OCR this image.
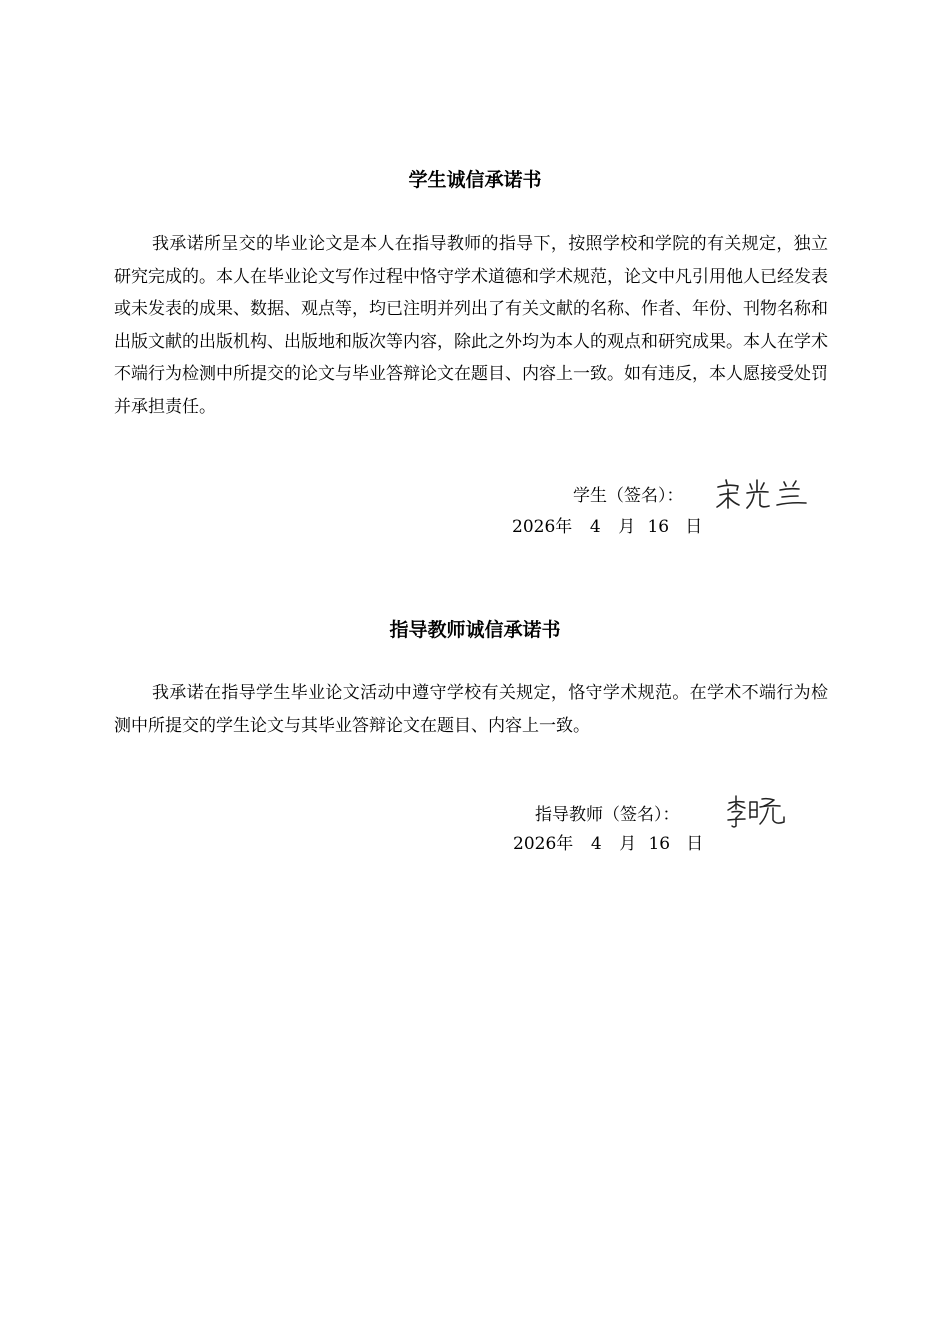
学生诚信承诺书

我承诺所呈交的毕业论文是本人在指导教师的指导下，按照学校和学院的有关规定，独立研究完成的。本人在毕业论文写作过程中恪守学术道德和学术规范，论文中凡引用他人已经发表或未发表的成果、数据、观点等，均已注明并列出了有关文献的名称、作者、年份、刊物名称和出版文献的出版机构、出版地和版次等内容，除此之外均为本人的观点和研究成果。本人在学术不端行为检测中所提交的论文与毕业答辩论文在题目、内容上一致。如有违反，本人愿接受处罚并承担责任。

学生（签名）：
2026年 4 月 16 日
指导教师诚信承诺书

我承诺在指导学生毕业论文活动中遵守学校有关规定，恪守学术规范。在学术不端行为检测中所提交的学生论文与其毕业答辩论文在题目、内容上一致。

指导教师（签名）：
2026年 4 月 16 日
